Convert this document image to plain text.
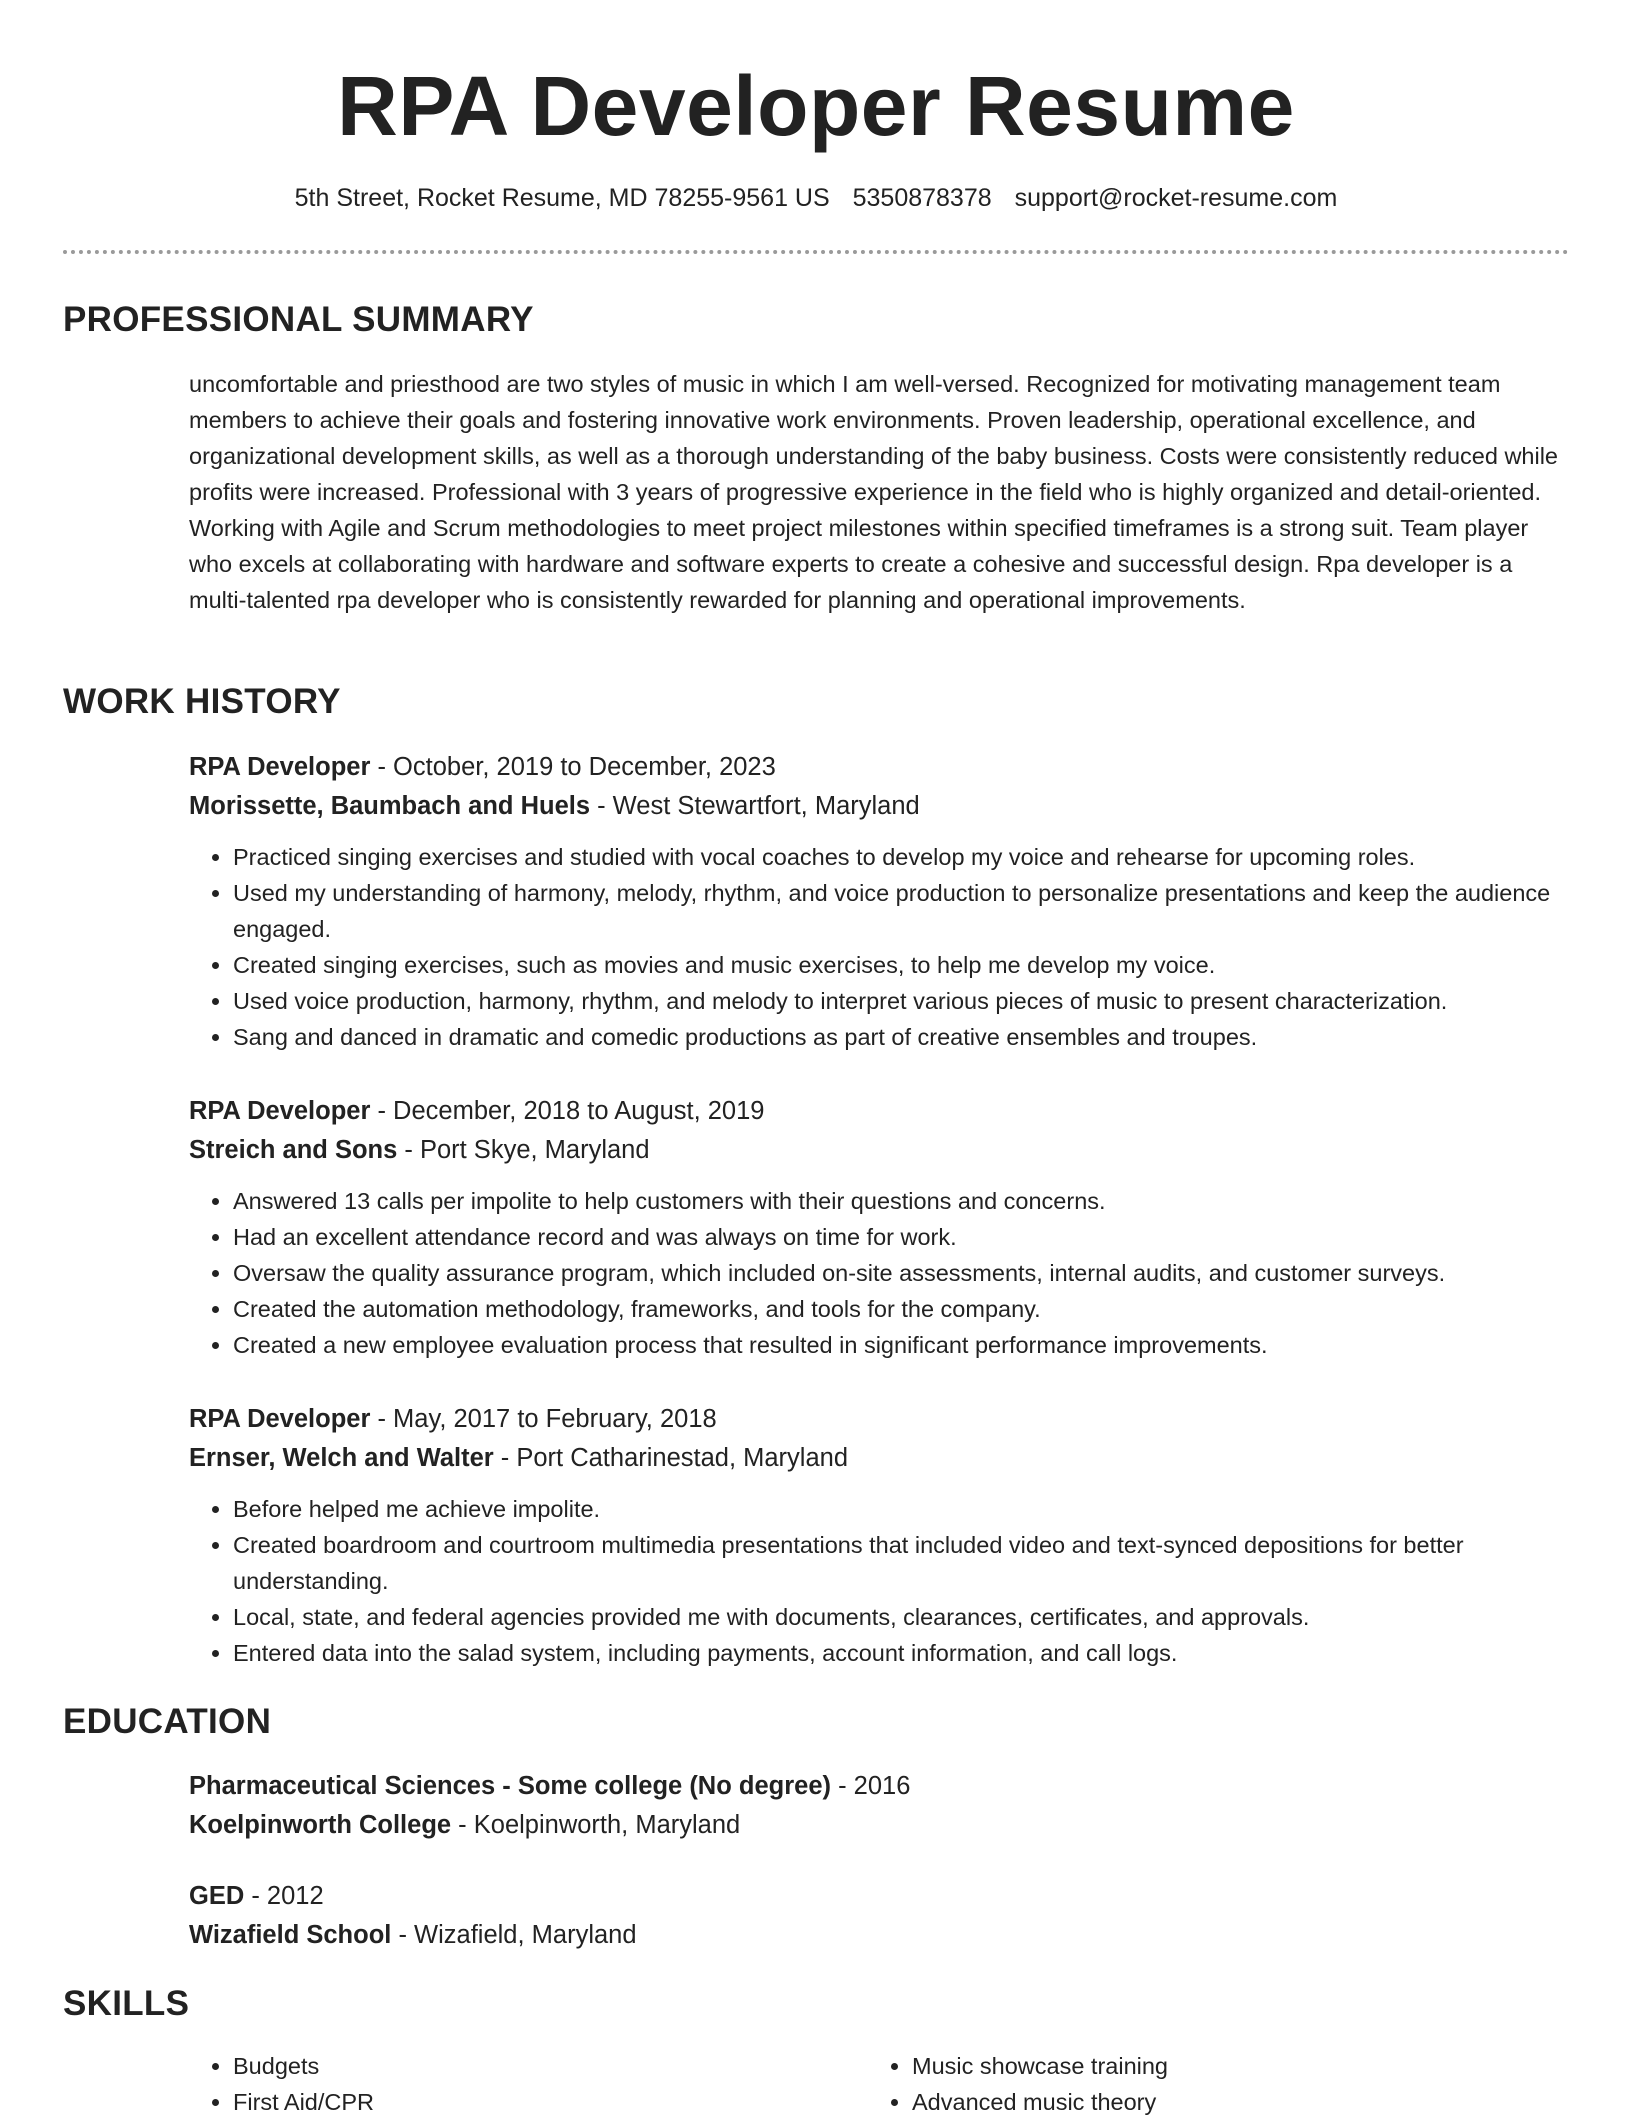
RPA Developer Resume
5th Street, Rocket Resume, MD 78255-9561 US 5350878378 support@rocket-resume.com
PROFESSIONAL SUMMARY

uncomfortable and priesthood are two styles of music in which I am well-versed. Recognized for motivating management team members to achieve their goals and fostering innovative work environments. Proven leadership, operational excellence, and organizational development skills, as well as a thorough understanding of the baby business. Costs were consistently reduced while profits were increased. Professional with 3 years of progressive experience in the field who is highly organized and detail-oriented. Working with Agile and Scrum methodologies to meet project milestones within specified timeframes is a strong suit. Team player who excels at collaborating with hardware and software experts to create a cohesive and successful design. Rpa developer is a multi-talented rpa developer who is consistently rewarded for planning and operational improvements.

WORK HISTORY

RPA Developer - October, 2019 to December, 2023

Morissette, Baumbach and Huels - West Stewartfort, Maryland

• Practiced singing exercises and studied with vocal coaches to develop my voice and rehearse for upcoming roles.
• Used my understanding of harmony, melody, rhythm, and voice production to personalize presentations and keep the audience engaged.
• Created singing exercises, such as movies and music exercises, to help me develop my voice.
• Used voice production, harmony, rhythm, and melody to interpret various pieces of music to present characterization.
• Sang and danced in dramatic and comedic productions as part of creative ensembles and troupes.

RPA Developer - December, 2018 to August, 2019

Streich and Sons - Port Skye, Maryland

• Answered 13 calls per impolite to help customers with their questions and concerns.
• Had an excellent attendance record and was always on time for work.
• Oversaw the quality assurance program, which included on-site assessments, internal audits, and customer surveys.
• Created the automation methodology, frameworks, and tools for the company.
• Created a new employee evaluation process that resulted in significant performance improvements.

RPA Developer - May, 2017 to February, 2018

Ernser, Welch and Walter - Port Catharinestad, Maryland

• Before helped me achieve impolite.
• Created boardroom and courtroom multimedia presentations that included video and text-synced depositions for better understanding.
• Local, state, and federal agencies provided me with documents, clearances, certificates, and approvals.
• Entered data into the salad system, including payments, account information, and call logs.
EDUCATION

Pharmaceutical Sciences - Some college (No degree) - 2016

Koelpinworth College - Koelpinworth, Maryland

GED - 2012

Wizafield School - Wizafield, Maryland

SKILLS
• Budgets
• First Aid/CPR
• Music showcase training
• Advanced music theory
